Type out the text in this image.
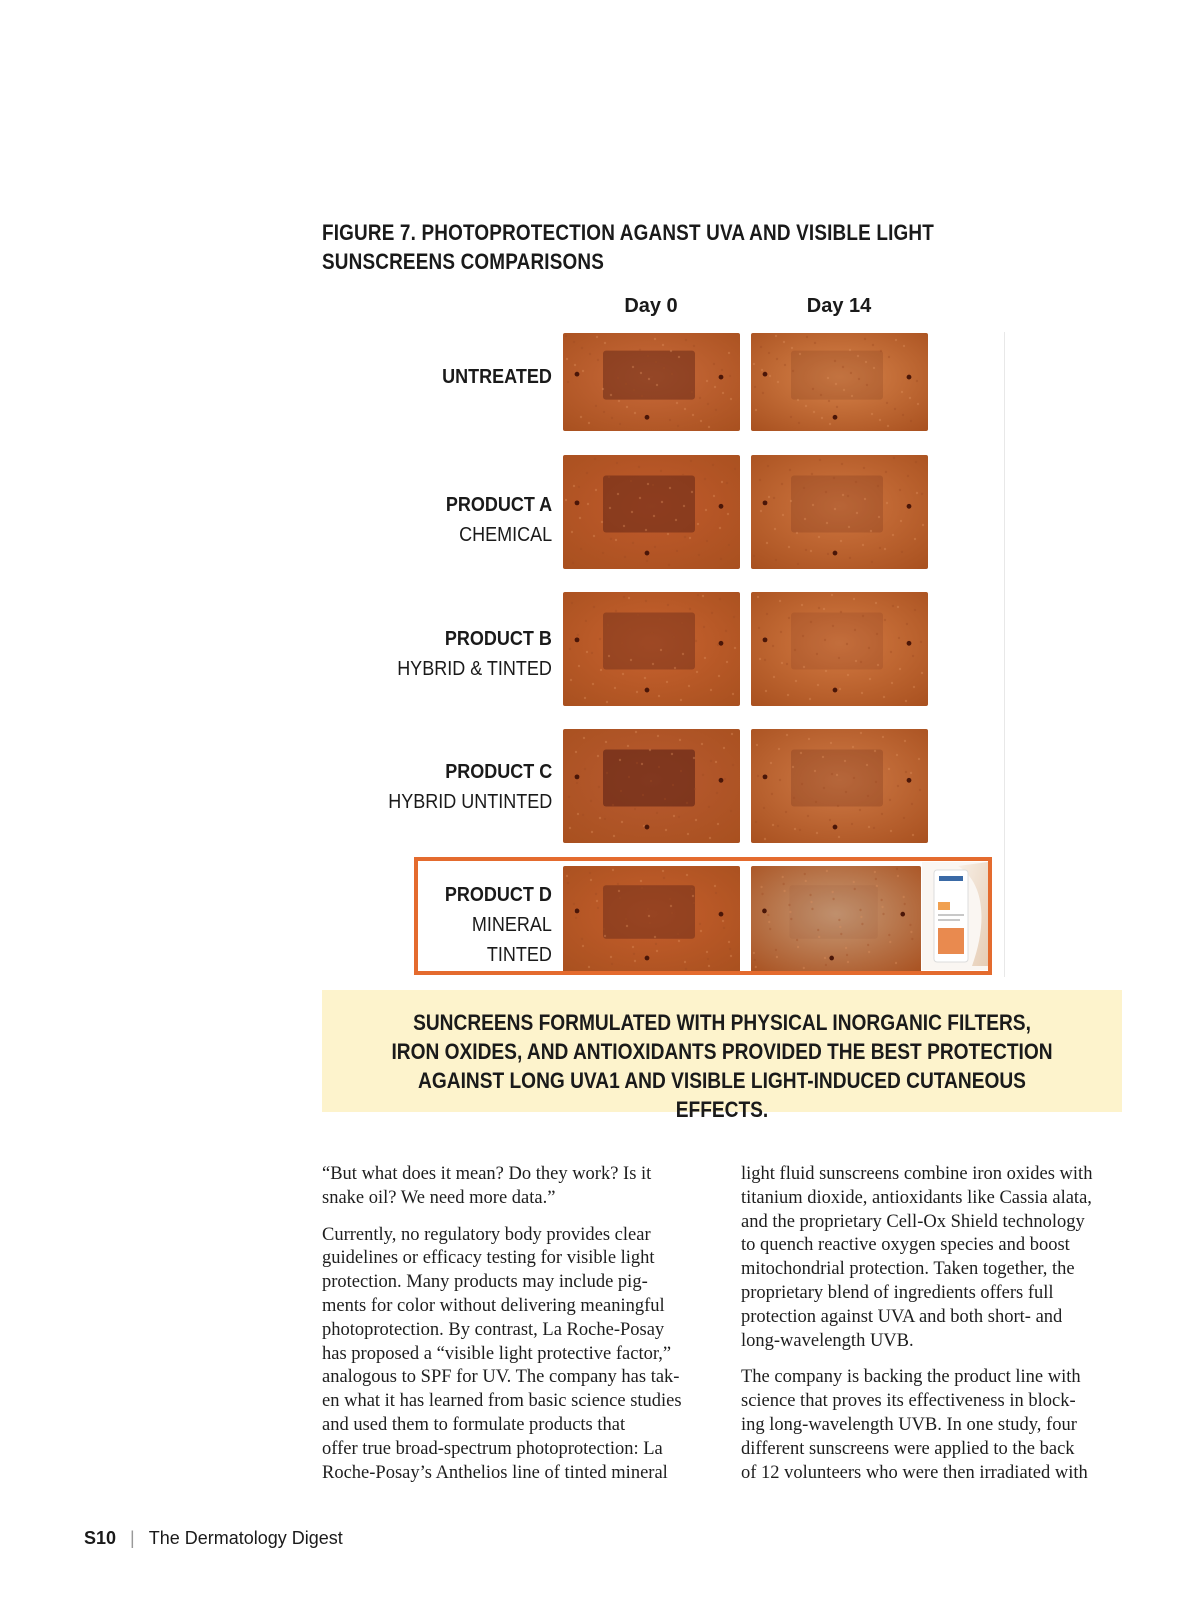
FIGURE 7. PHOTOPROTECTION AGANST UVA AND VISIBLE LIGHT
SUNSCREENS COMPARISONS
Day 0	Day 14
UNTREATED
PRODUCT A
CHEMICAL
PRODUCT B
HYBRID & TINTED
PRODUCT C
HYBRID UNTINTED
PRODUCT D
MINERAL
TINTED
SUNCREENS FORMULATED WITH PHYSICAL INORGANIC FILTERS,
IRON OXIDES, AND ANTIOXIDANTS PROVIDED THE BEST PROTECTION
AGAINST LONG UVA1 AND VISIBLE LIGHT-INDUCED CUTANEOUS EFFECTS.

“But what does it mean? Do they work? Is it
snake oil? We need more data.”

Currently, no regulatory body provides clear
guidelines or efficacy testing for visible light
protection. Many products may include pig-
ments for color without delivering meaningful
photoprotection. By contrast, La Roche-Posay
has proposed a “visible light protective factor,”
analogous to SPF for UV. The company has tak-
en what it has learned from basic science studies
and used them to formulate products that
offer true broad-spectrum photoprotection: La
Roche-Posay’s Anthelios line of tinted mineral

light fluid sunscreens combine iron oxides with
titanium dioxide, antioxidants like Cassia alata,
and the proprietary Cell-Ox Shield technology
to quench reactive oxygen species and boost
mitochondrial protection. Taken together, the
proprietary blend of ingredients offers full
protection against UVA and both short- and
long-wavelength UVB.

The company is backing the product line with
science that proves its effectiveness in block-
ing long-wavelength UVB. In one study, four
different sunscreens were applied to the back
of 12 volunteers who were then irradiated with

S10 | The Dermatology Digest
